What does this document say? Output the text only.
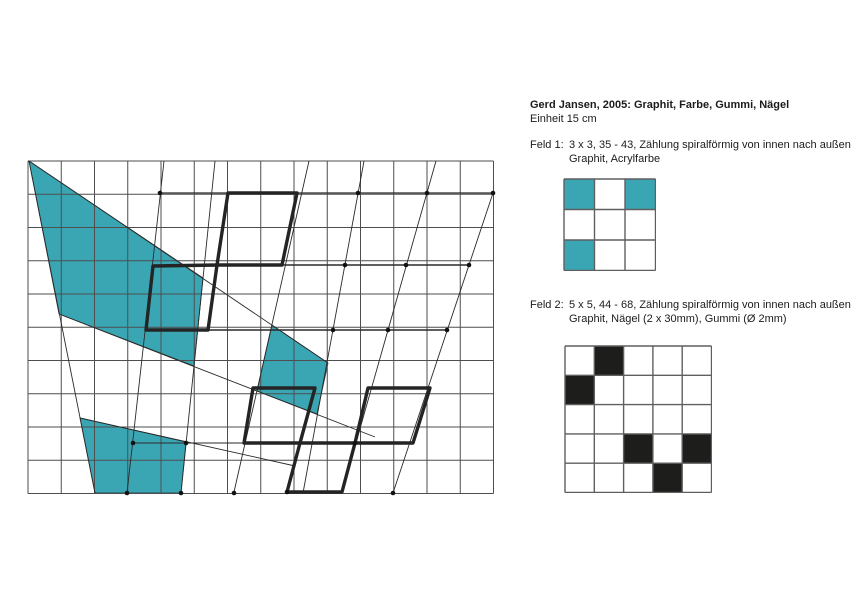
Gerd Jansen, 2005: Graphit, Farbe, Gummi, Nägel
Einheit 15 cm
Feld 1: 3 x 3, 35 - 43, Zählung spiralförmig von innen nach außen
Graphit, Acrylfarbe
Feld 2: 5 x 5, 44 - 68, Zählung spiralförmig von innen nach außen
Graphit, Nägel (2 x 30mm), Gummi (Ø 2mm)
